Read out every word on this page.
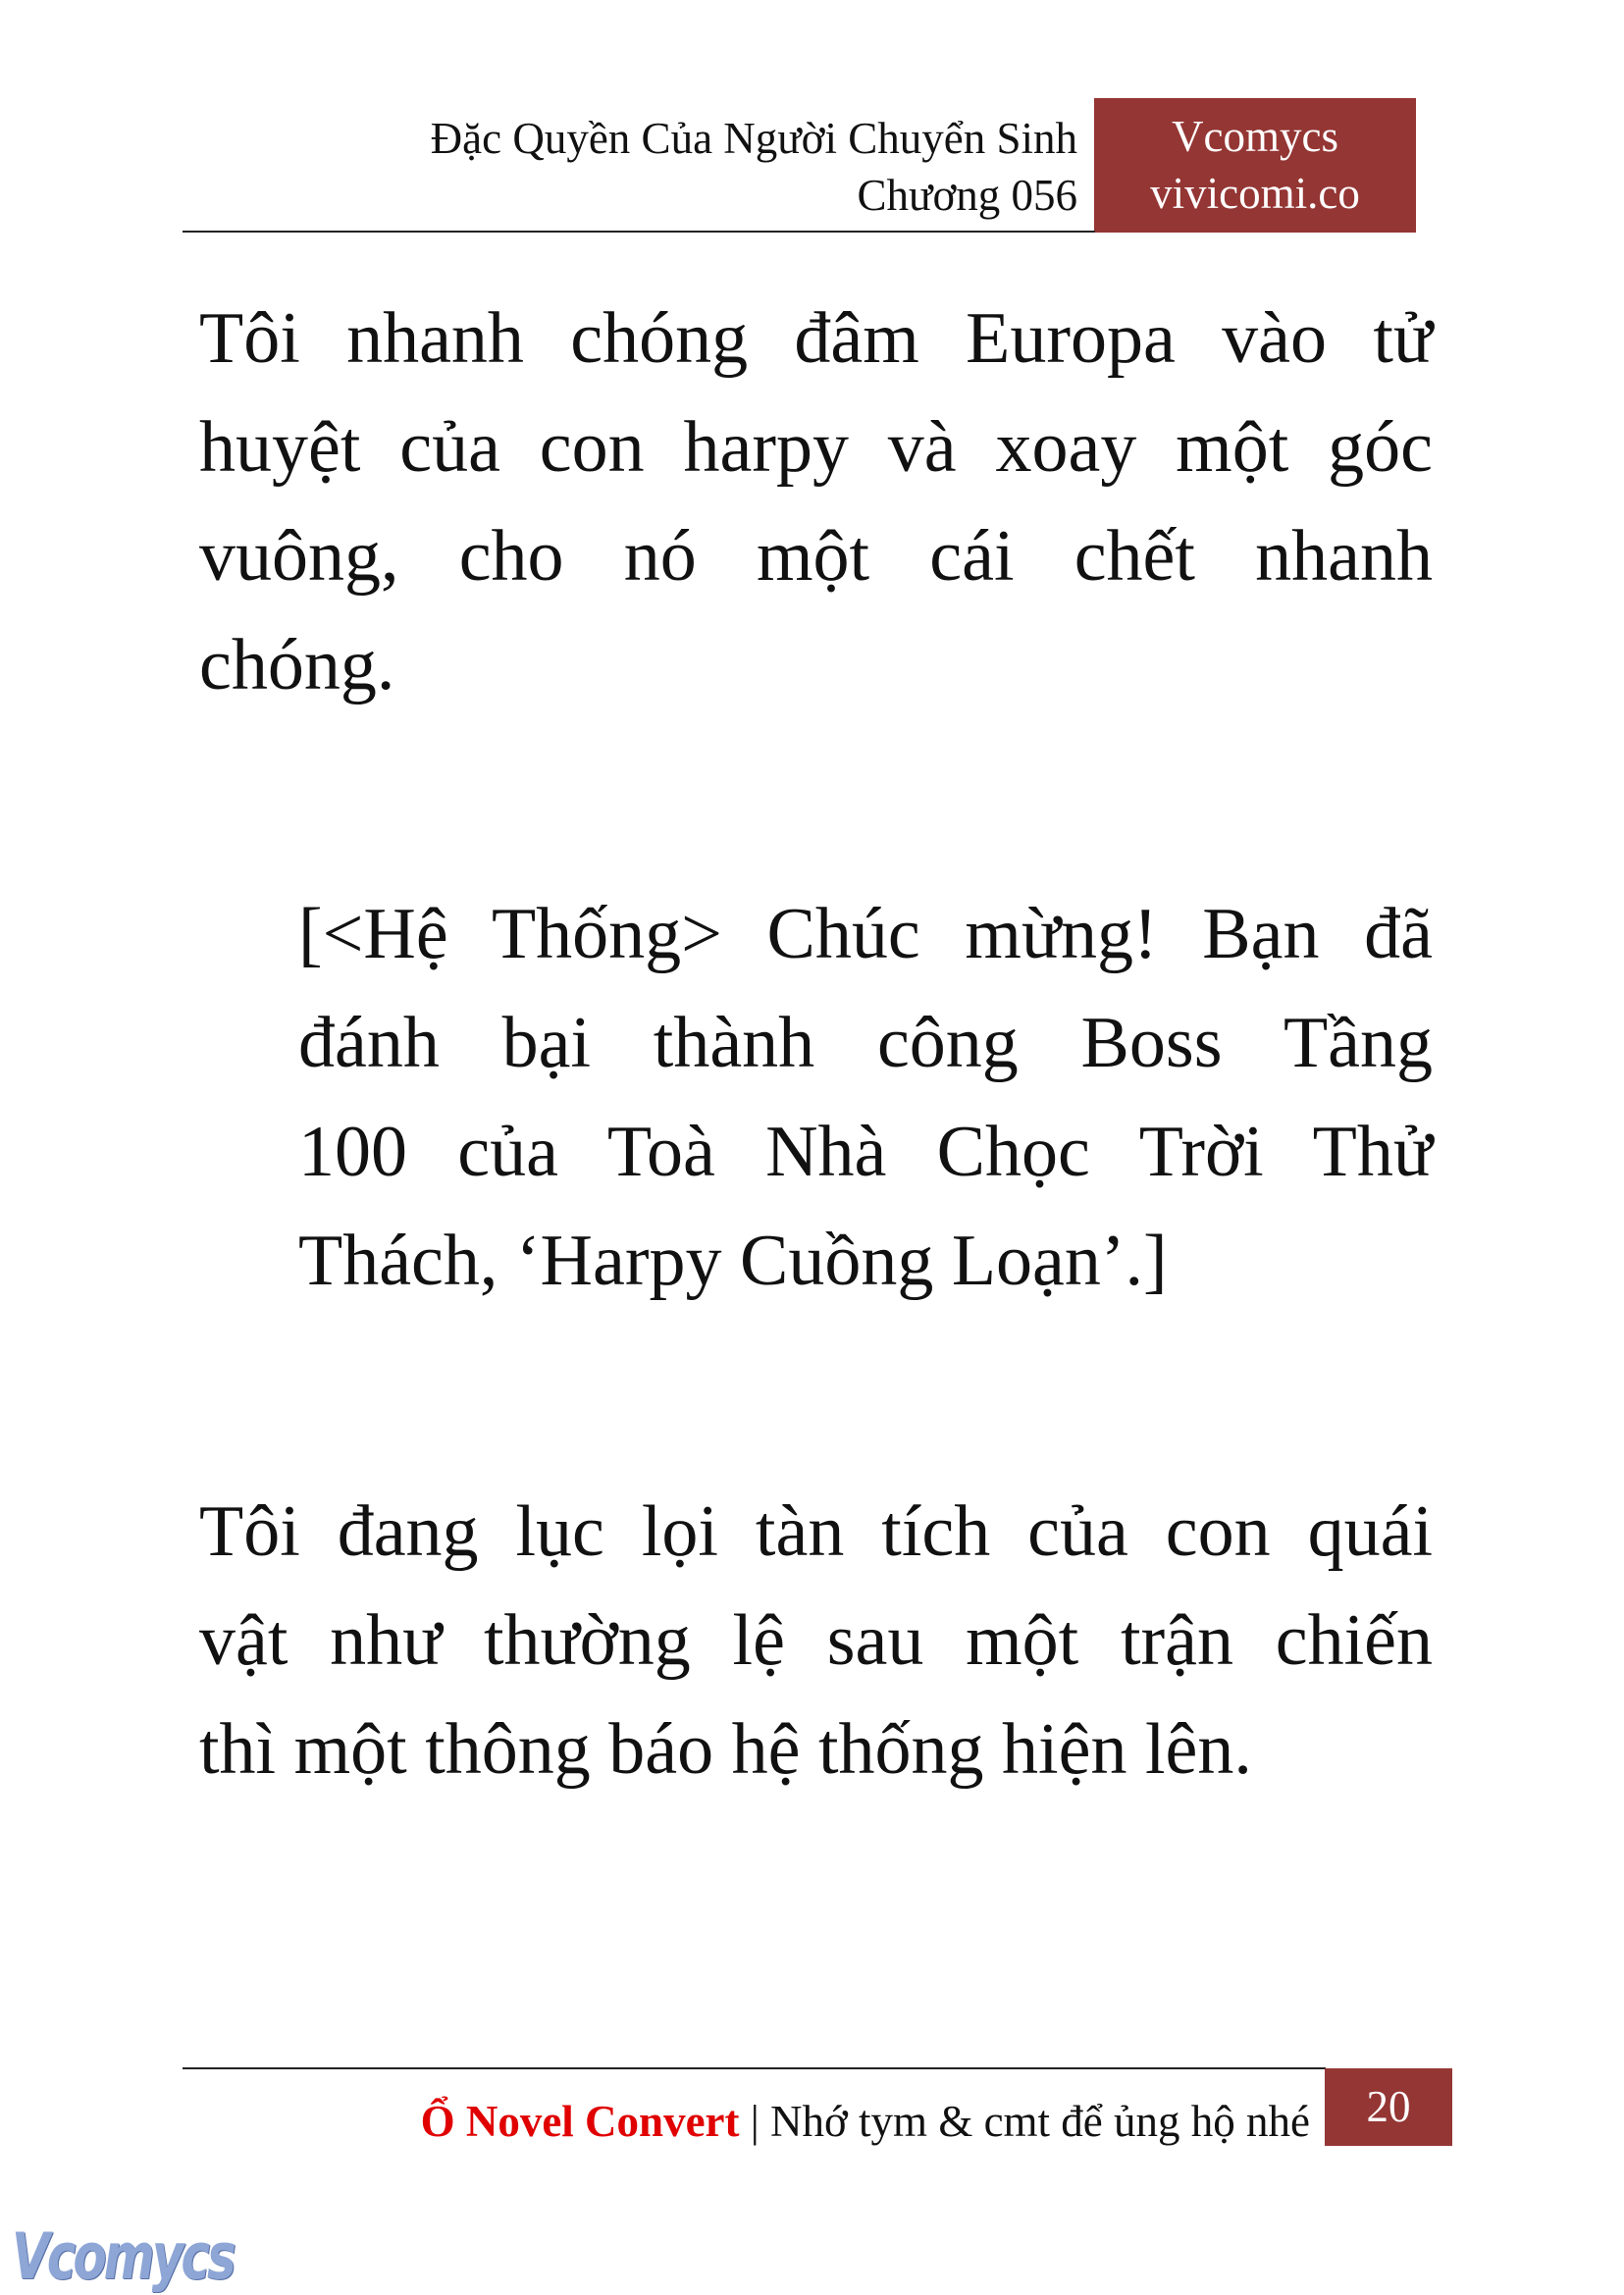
Đặc Quyền Của Người Chuyển Sinh
Chương 056
Vcomycs
vivicomi.co
Tôi nhanh chóng đâm Europa vào tử
huyệt của con harpy và xoay một góc
vuông, cho nó một cái chết nhanh
chóng.
[<Hệ Thống> Chúc mừng! Bạn đã
đánh bại thành công Boss Tầng
100 của Toà Nhà Chọc Trời Thử
Thách, ‘Harpy Cuồng Loạn’.]
Tôi đang lục lọi tàn tích của con quái
vật như thường lệ sau một trận chiến
thì một thông báo hệ thống hiện lên.
Ổ Novel Convert | Nhớ tym & cmt để ủng hộ nhé	20
Vcomycs
